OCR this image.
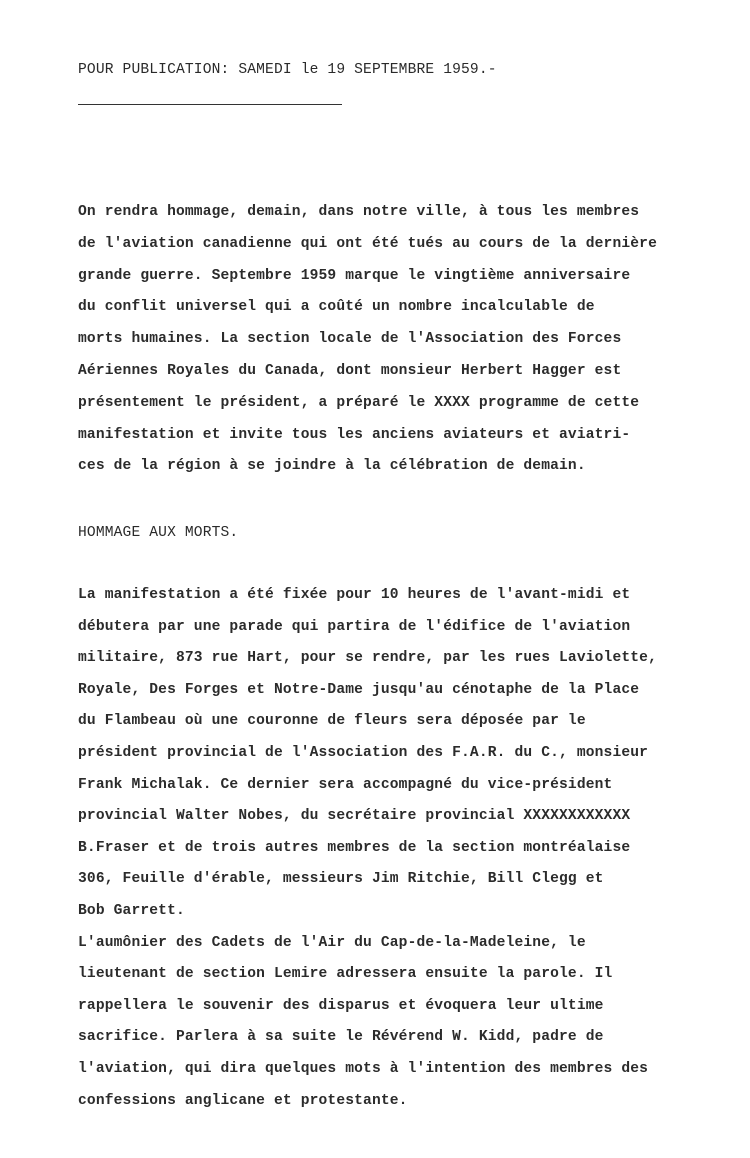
POUR PUBLICATION: SAMEDI le 19 SEPTEMBRE 1959.-
On rendra hommage, demain, dans notre ville, à tous les membres
de l'aviation canadienne qui ont été tués au cours de la dernière
grande guerre. Septembre 1959 marque le vingtième anniversaire
du conflit universel qui a coûté un nombre incalculable de
morts humaines. La section locale de l'Association des Forces
Aériennes Royales du Canada, dont monsieur Herbert Hagger est
présentement le président, a préparé le XXXX programme de cette
manifestation et invite tous les anciens aviateurs et aviatri-
ces de la région à se joindre à la célébration de demain.
HOMMAGE AUX MORTS.
La manifestation a été fixée pour 10 heures de l'avant-midi et
débutera par une parade qui partira de l'édifice de l'aviation
militaire, 873 rue Hart, pour se rendre, par les rues Laviolette,
Royale, Des Forges et Notre-Dame jusqu'au cénotaphe de la Place
du Flambeau où une couronne de fleurs sera déposée par le
président provincial de l'Association des F.A.R. du C., monsieur
Frank Michalak. Ce dernier sera accompagné du vice-président
provincial Walter Nobes, du secrétaire provincial XXXXXXXXXXXX
B.Fraser et de trois autres membres de la section montréalaise
306, Feuille d'érable, messieurs Jim Ritchie, Bill Clegg et
Bob Garrett.
L'aumônier des Cadets de l'Air du Cap-de-la-Madeleine, le
lieutenant de section Lemire adressera ensuite la parole. Il
rappellera le souvenir des disparus et évoquera leur ultime
sacrifice. Parlera à sa suite le Révérend W. Kidd, padre de
l'aviation, qui dira quelques mots à l'intention des membres des
confessions anglicane et protestante.
